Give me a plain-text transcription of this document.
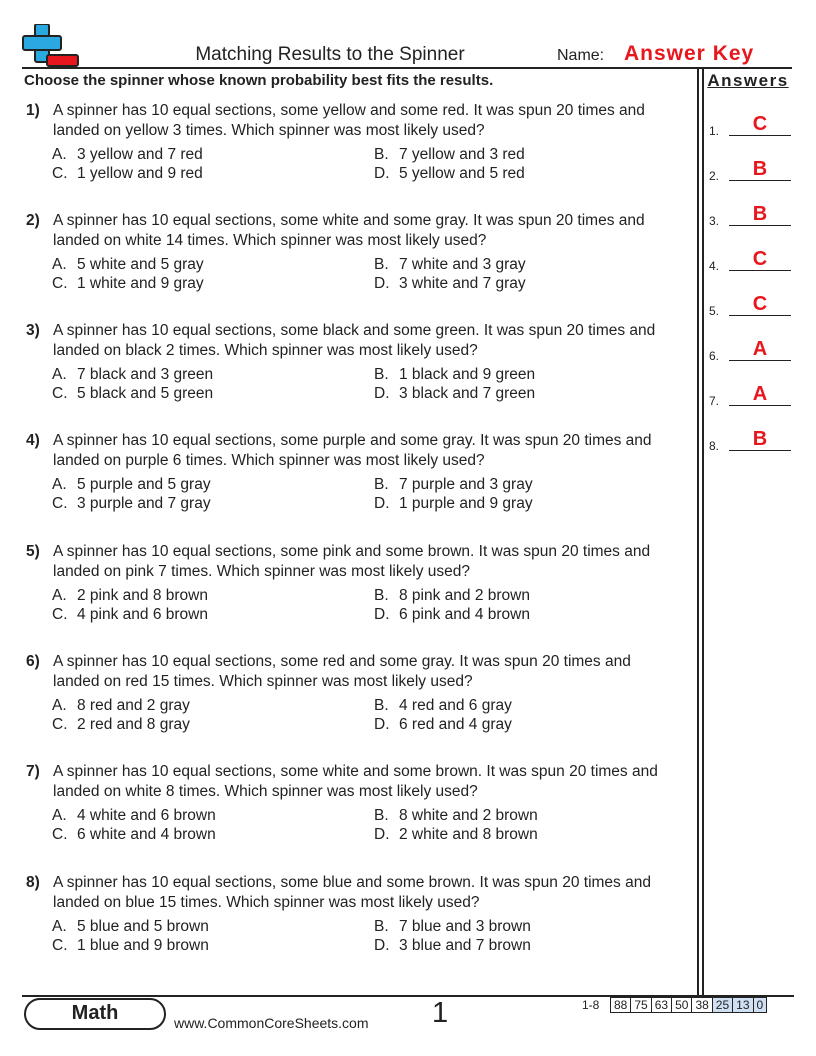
Matching Results to the Spinner	Name: Answer Key
Choose the spinner whose known probability best fits the results.	Answers
1.	C
2.	B
3.	B
4.	C
5.	C
6.	A
7.	A
8.	B
1) A spinner has 10 equal sections, some yellow and some red. It was spun 20 times and
landed on yellow 3 times. Which spinner was most likely used?
A. 3 yellow and 7 red	B. 7 yellow and 3 red
C. 1 yellow and 9 red	D. 5 yellow and 5 red
2) A spinner has 10 equal sections, some white and some gray. It was spun 20 times and
landed on white 14 times. Which spinner was most likely used?
A. 5 white and 5 gray	B. 7 white and 3 gray
C. 1 white and 9 gray	D. 3 white and 7 gray
3) A spinner has 10 equal sections, some black and some green. It was spun 20 times and
landed on black 2 times. Which spinner was most likely used?
A. 7 black and 3 green	B. 1 black and 9 green
C. 5 black and 5 green	D. 3 black and 7 green
4) A spinner has 10 equal sections, some purple and some gray. It was spun 20 times and
landed on purple 6 times. Which spinner was most likely used?
A. 5 purple and 5 gray	B. 7 purple and 3 gray
C. 3 purple and 7 gray	D. 1 purple and 9 gray
5) A spinner has 10 equal sections, some pink and some brown. It was spun 20 times and
landed on pink 7 times. Which spinner was most likely used?
A. 2 pink and 8 brown	B. 8 pink and 2 brown
C. 4 pink and 6 brown	D. 6 pink and 4 brown
6) A spinner has 10 equal sections, some red and some gray. It was spun 20 times and
landed on red 15 times. Which spinner was most likely used?
A. 8 red and 2 gray	B. 4 red and 6 gray
C. 2 red and 8 gray	D. 6 red and 4 gray
7) A spinner has 10 equal sections, some white and some brown. It was spun 20 times and
landed on white 8 times. Which spinner was most likely used?
A. 4 white and 6 brown	B. 8 white and 2 brown
C. 6 white and 4 brown	D. 2 white and 8 brown
8) A spinner has 10 equal sections, some blue and some brown. It was spun 20 times and
landed on blue 15 times. Which spinner was most likely used?
A. 5 blue and 5 brown	B. 7 blue and 3 brown
C. 1 blue and 9 brown	D. 3 blue and 7 brown
Math	www.CommonCoreSheets.com 1	1-8 88	75	63	50	38	25	13	0
